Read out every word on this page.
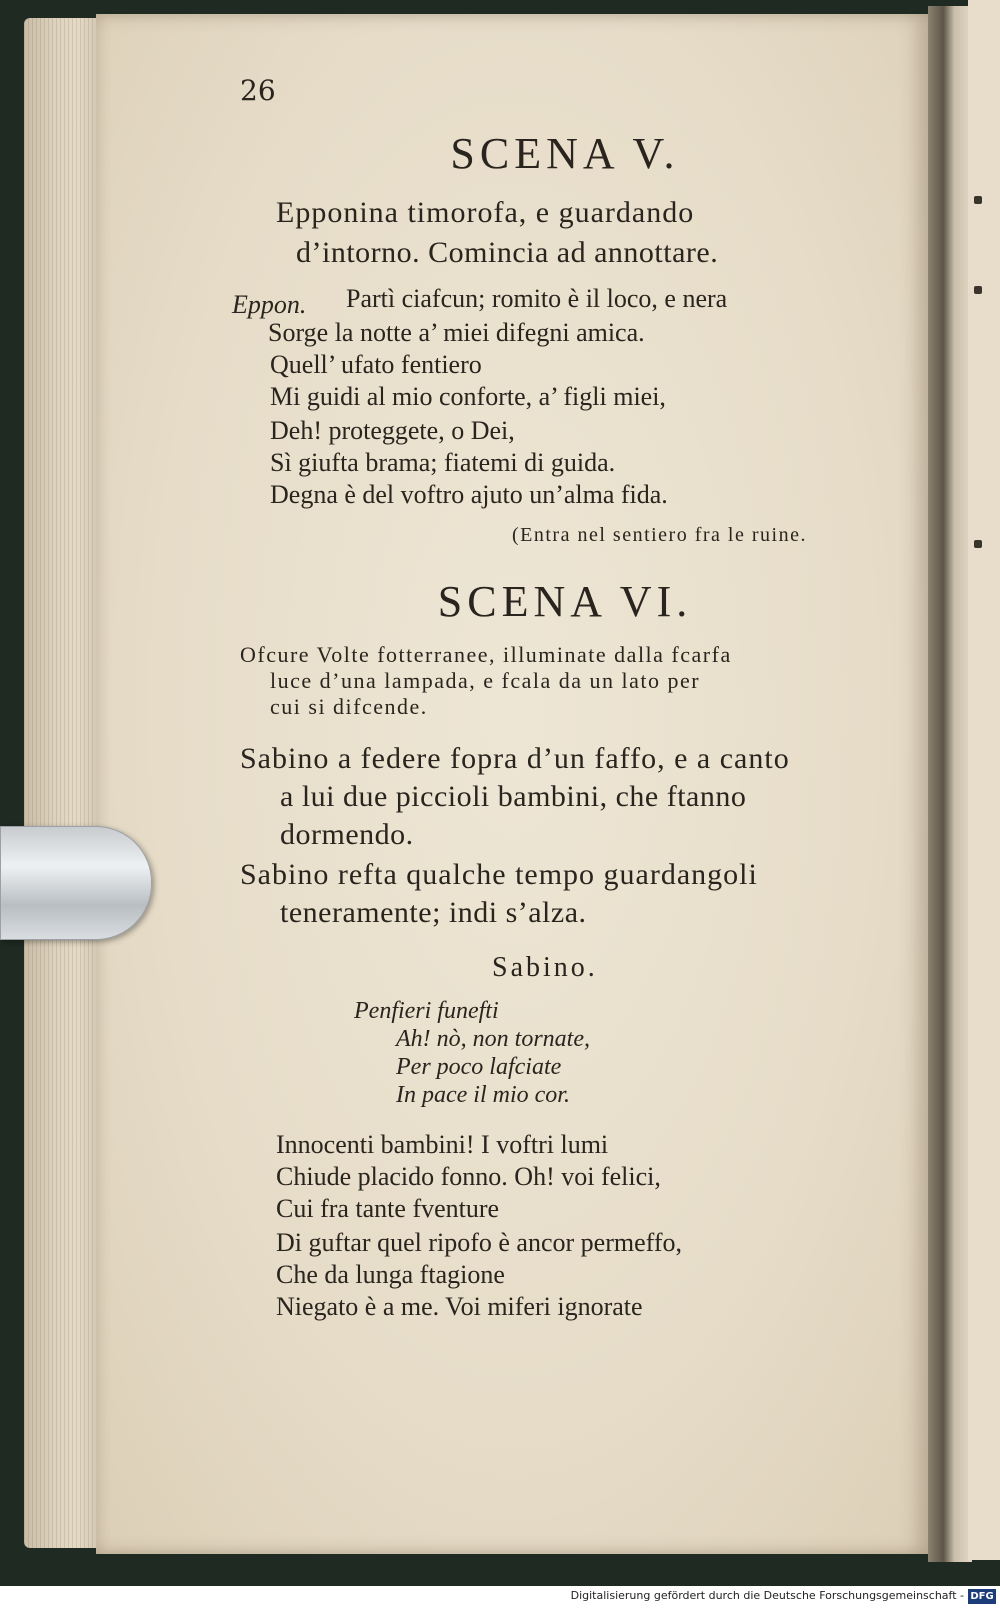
26
SCENA V.
Epponina timorofa, e guardando
d’intorno. Comincia ad annottare.
Eppon. Partì ciafcun; romito è il loco, e nera
Sorge la notte a’ miei difegni amica.
Quell’ ufato fentiero
Mi guidi al mio conforte, a’ figli miei,
Deh! proteggete, o Dei,
Sì giufta brama; fiatemi di guida.
Degna è del voftro ajuto un’alma fida.
(Entra nel sentiero fra le ruine.
SCENA VI.
Ofcure Volte fotterranee, illuminate dalla fcarfa
luce d’una lampada, e fcala da un lato per
cui si difcende.
Sabino a federe fopra d’un faffo, e a canto
a lui due piccioli bambini, che ftanno
dormendo.
Sabino refta qualche tempo guardangoli
teneramente; indi s’alza.
Sabino.
Penfieri funefti
Ah! nò, non tornate,
Per poco lafciate
In pace il mio cor.
Innocenti bambini! I voftri lumi
Chiude placido fonno. Oh! voi felici,
Cui fra tante fventure
Di guftar quel ripofo è ancor permeffo,
Che da lunga ftagione
Niegato è a me. Voi miferi ignorate
Digitalisierung gefördert durch die Deutsche Forschungsgemeinschaft - DFG
